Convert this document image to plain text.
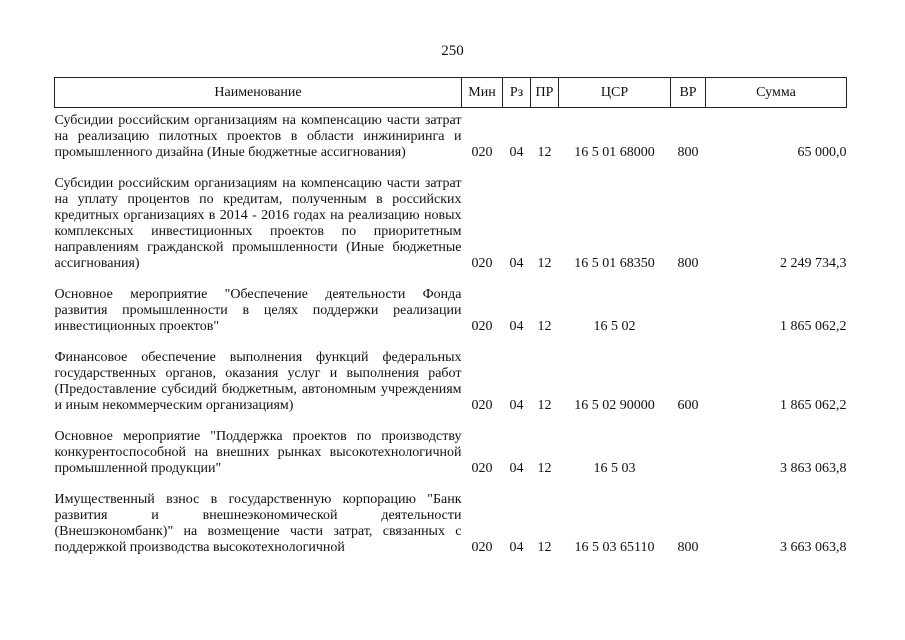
250
Наименование	Мин	Рз	ПР	ЦСР	ВР	Сумма
Субсидии российским организациям на компенсацию части затрат на реализацию пилотных проектов в области инжиниринга и промышленного дизайна (Иные бюджетные ассигнования)	020	04	12	16 5 01 68000	800	65 000,0
Субсидии российским организациям на компенсацию части затрат на уплату процентов по кредитам, полученным в российских кредитных организациях в 2014 - 2016 годах на реализацию новых комплексных инвестиционных проектов по приоритетным направлениям гражданской промышленности (Иные бюджетные ассигнования)	020	04	12	16 5 01 68350	800	2 249 734,3
Основное мероприятие "Обеспечение деятельности Фонда развития промышленности в целях поддержки реализации инвестиционных проектов"	020	04	12	16 5 02		1 865 062,2
Финансовое обеспечение выполнения функций федеральных государственных органов, оказания услуг и выполнения работ (Предоставление субсидий бюджетным, автономным учреждениям и иным некоммерческим организациям)	020	04	12	16 5 02 90000	600	1 865 062,2
Основное мероприятие "Поддержка проектов по производству конкурентоспособной на внешних рынках высокотехнологичной промышленной продукции"	020	04	12	16 5 03		3 863 063,8
Имущественный взнос в государственную корпорацию "Банк развития и внешнеэкономической деятельности (Внешэкономбанк)" на возмещение части затрат, связанных с поддержкой производства высокотехнологичной	020	04	12	16 5 03 65110	800	3 663 063,8
